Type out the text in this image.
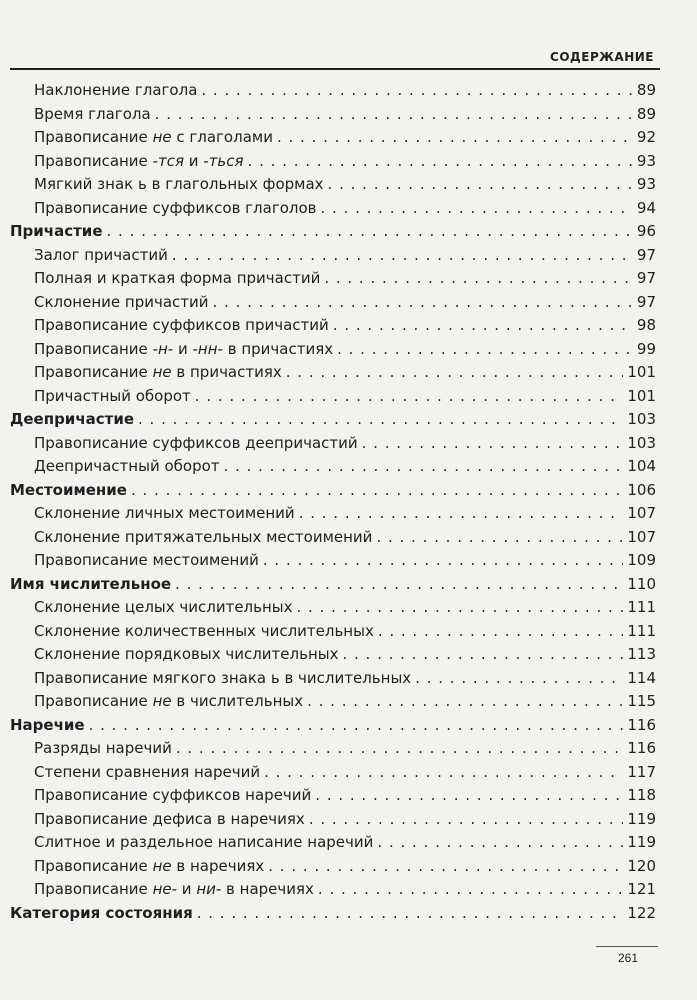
СОДЕРЖАНИЕ
Наклонение глагола . . .	89
Время глагола . . .	89
Правописание не с глаголами . . .	92
Правописание -тся и -ться . . .	93
Мягкий знак ь в глагольных формах . . .	93
Правописание суффиксов глаголов . . .	94
Причастие . . .	96
Залог причастий . . .	97
Полная и краткая форма причастий . . .	97
Склонение причастий . . .	97
Правописание суффиксов причастий . . .	98
Правописание -н- и -нн- в причастиях . . .	99
Правописание не в причастиях . . .	101
Причастный оборот . . .	101
Деепричастие . . .	103
Правописание суффиксов деепричастий . . .	103
Деепричастный оборот . . .	104
Местоимение . . .	106
Склонение личных местоимений . . .	107
Склонение притяжательных местоимений . . .	107
Правописание местоимений . . .	109
Имя числительное . . .	110
Склонение целых числительных . . .	111
Склонение количественных числительных . . .	111
Склонение порядковых числительных . . .	113
Правописание мягкого знака ь в числительных . . .	114
Правописание не в числительных . . .	115
Наречие . . .	116
Разряды наречий . . .	116
Степени сравнения наречий . . .	117
Правописание суффиксов наречий . . .	118
Правописание дефиса в наречиях . . .	119
Слитное и раздельное написание наречий . . .	119
Правописание не в наречиях . . .	120
Правописание не- и ни- в наречиях . . .	121
Категория состояния . . .	122
261
